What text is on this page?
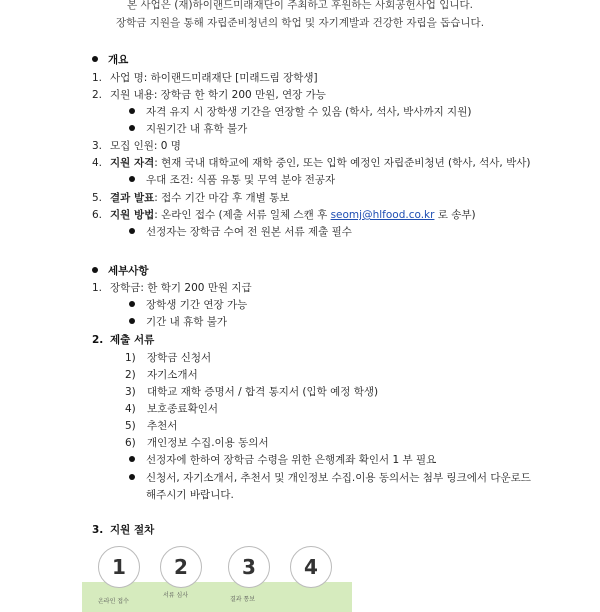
본 사업은 (재)하이랜드미래재단이 주최하고 후원하는 사회공헌사업 입니다.
장학금 지원을 통해 자립준비청년의 학업 및 자기계발과 건강한 자립을 돕습니다.
개요
1. 사업 명: 하이랜드미래재단 [미래드림 장학생]
2. 지원 내용: 장학금 한 학기 200 만원, 연장 가능
자격 유지 시 장학생 기간을 연장할 수 있음 (학사, 석사, 박사까지 지원)
지원기간 내 휴학 불가
3. 모집 인원: 0 명
4. 지원 자격: 현재 국내 대학교에 재학 중인, 또는 입학 예정인 자립준비청년 (학사, 석사, 박사)
우대 조건: 식품 유통 및 무역 분야 전공자
5. 결과 발표: 접수 기간 마감 후 개별 통보
6. 지원 방법: 온라인 접수 (제출 서류 일체 스캔 후 seomj@hlfood.co.kr 로 송부)
선정자는 장학금 수여 전 원본 서류 제출 필수
세부사항
1. 장학금: 한 학기 200 만원 지급
장학생 기간 연장 가능
기간 내 휴학 불가
2. 제출 서류
1) 장학금 신청서
2) 자기소개서
3) 대학교 재학 증명서 / 합격 통지서 (입학 예정 학생)
4) 보호종료확인서
5) 추천서
6) 개인정보 수집.이용 동의서
선정자에 한하여 장학금 수령을 위한 은행계좌 확인서 1 부 필요
신청서, 자기소개서, 추천서 및 개인정보 수집.이용 동의서는 첨부 링크에서 다운로드
해주시기 바랍니다.
3. 지원 절차
온라인 접수
서류 심사
결과 통보
1	2	3	4
